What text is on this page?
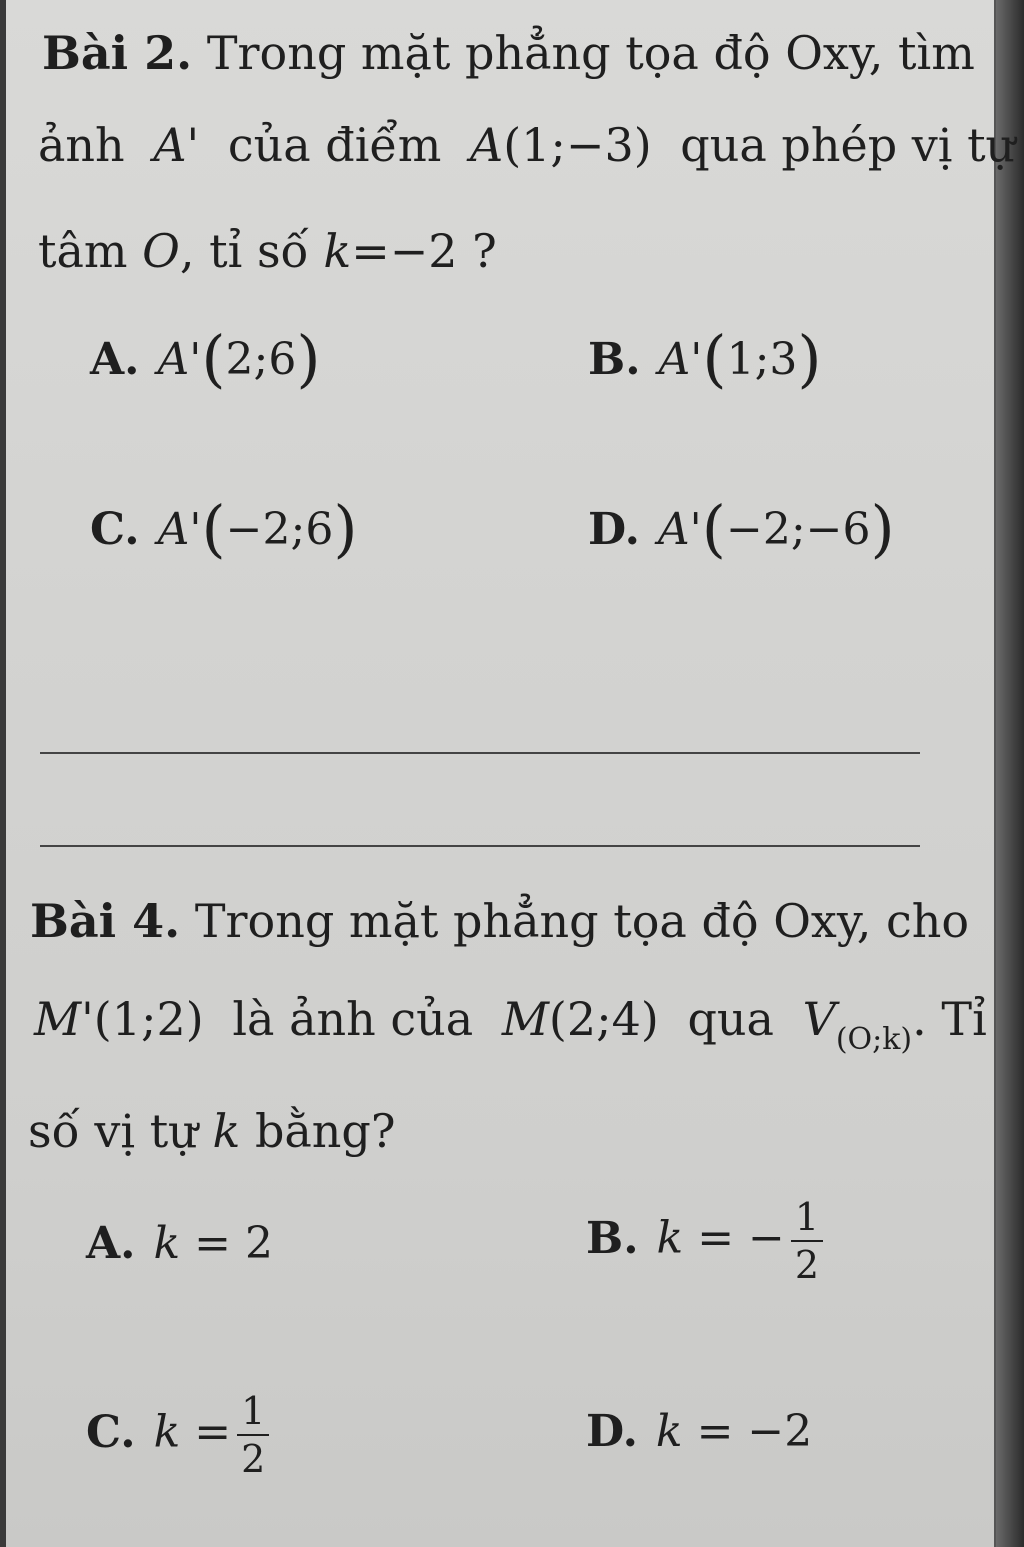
Bài 2. Trong mặt phẳng tọa độ Oxy, tìm
ảnh A' của điểm A(1;−3) qua phép vị tự
tâm O, tỉ số k=−2 ?
A. A'(2;6)	B. A'(1;3)
C. A'(−2;6)	D. A'(−2;−6)
Bài 4. Trong mặt phẳng tọa độ Oxy, cho
M'(1;2) là ảnh của M(2;4) qua $V_{(O;k)}$. Tỉ
số vị tự k bằng?
A. k = 2	B. k = − $\frac{1}{2}$
C. $k = \frac{1}{2}$	D. k = −2
